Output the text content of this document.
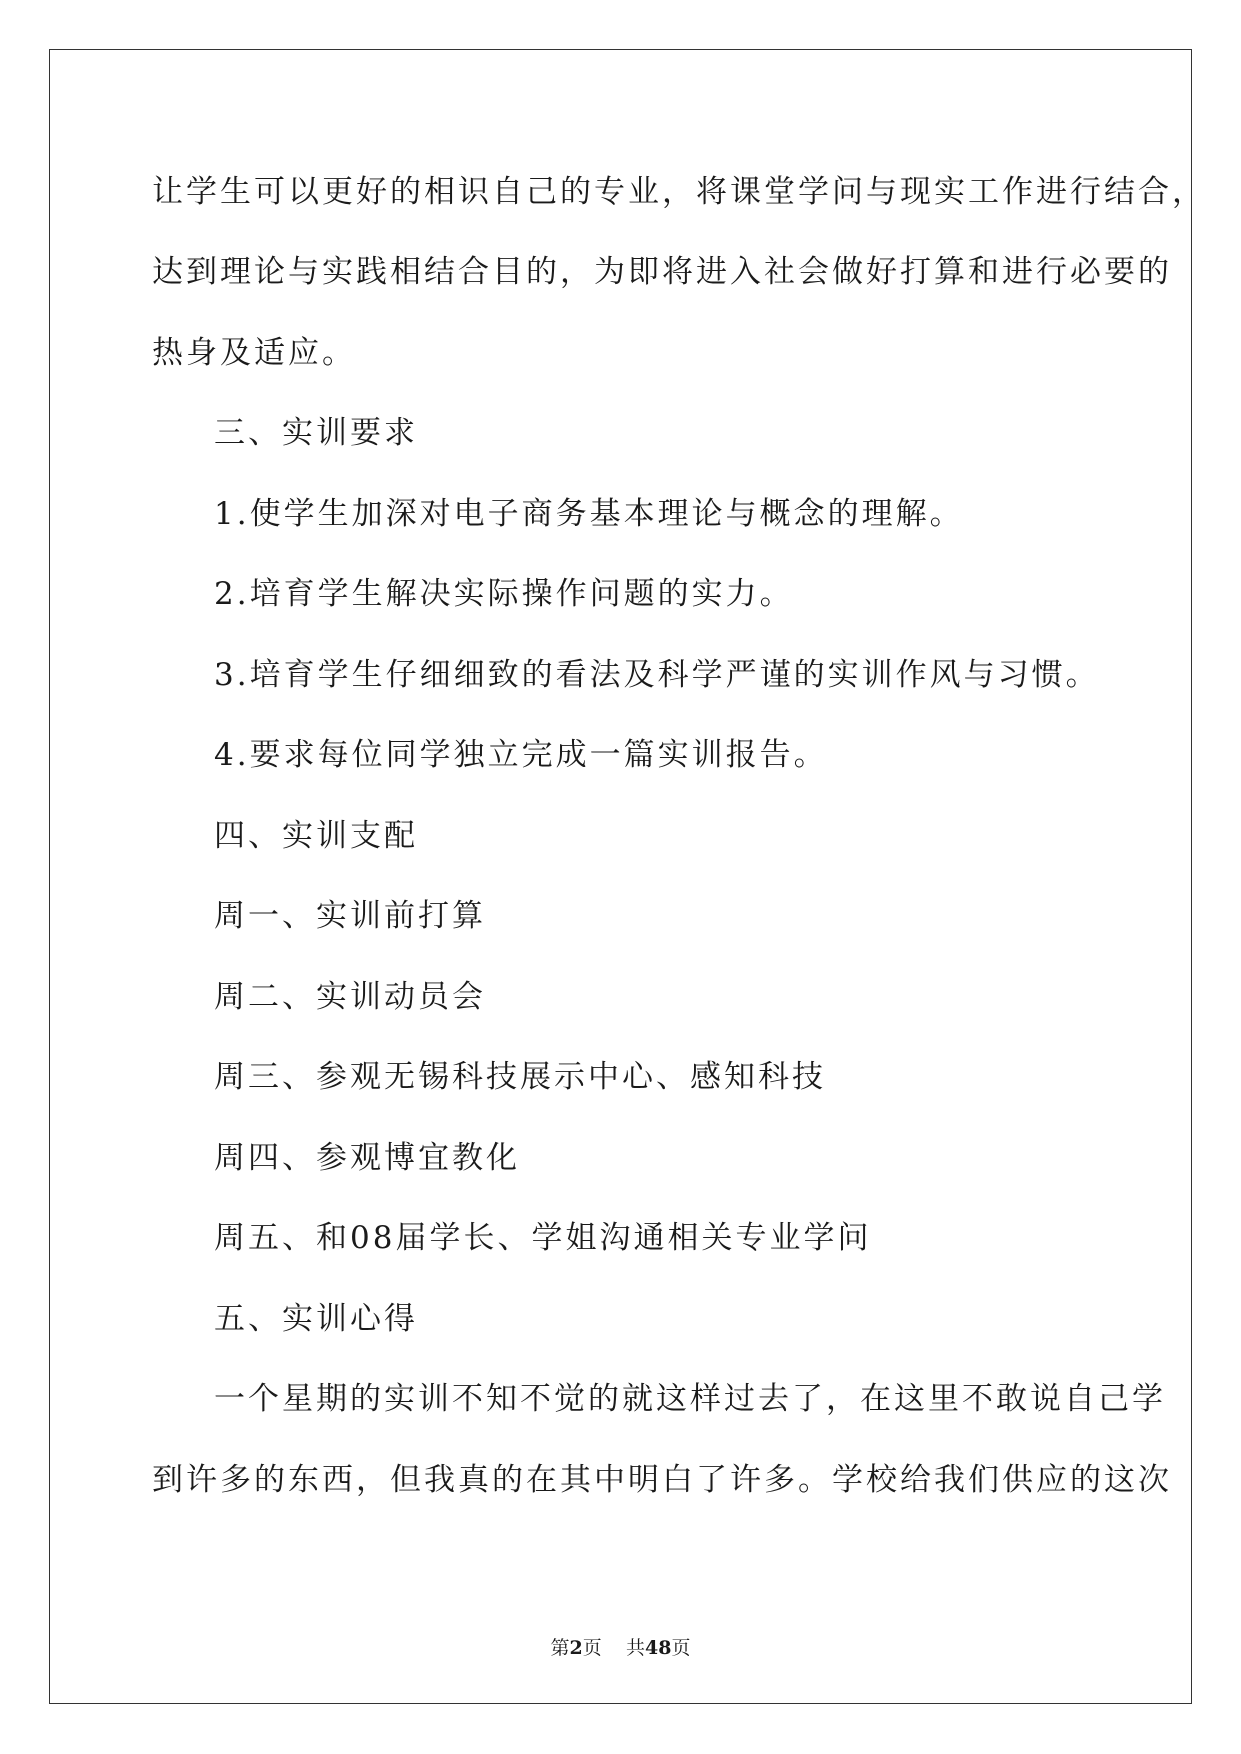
让学生可以更好的相识自己的专业，将课堂学问与现实工作进行结合，
达到理论与实践相结合目的，为即将进入社会做好打算和进行必要的
热身及适应。
三、实训要求
1.使学生加深对电子商务基本理论与概念的理解。
2.培育学生解决实际操作问题的实力。
3.培育学生仔细细致的看法及科学严谨的实训作风与习惯。
4.要求每位同学独立完成一篇实训报告。
四、实训支配
周一、实训前打算
周二、实训动员会
周三、参观无锡科技展示中心、感知科技
周四、参观博宜教化
周五、和08届学长、学姐沟通相关专业学问
五、实训心得
一个星期的实训不知不觉的就这样过去了，在这里不敢说自己学
到许多的东西，但我真的在其中明白了许多。学校给我们供应的这次
第2页 共48页
